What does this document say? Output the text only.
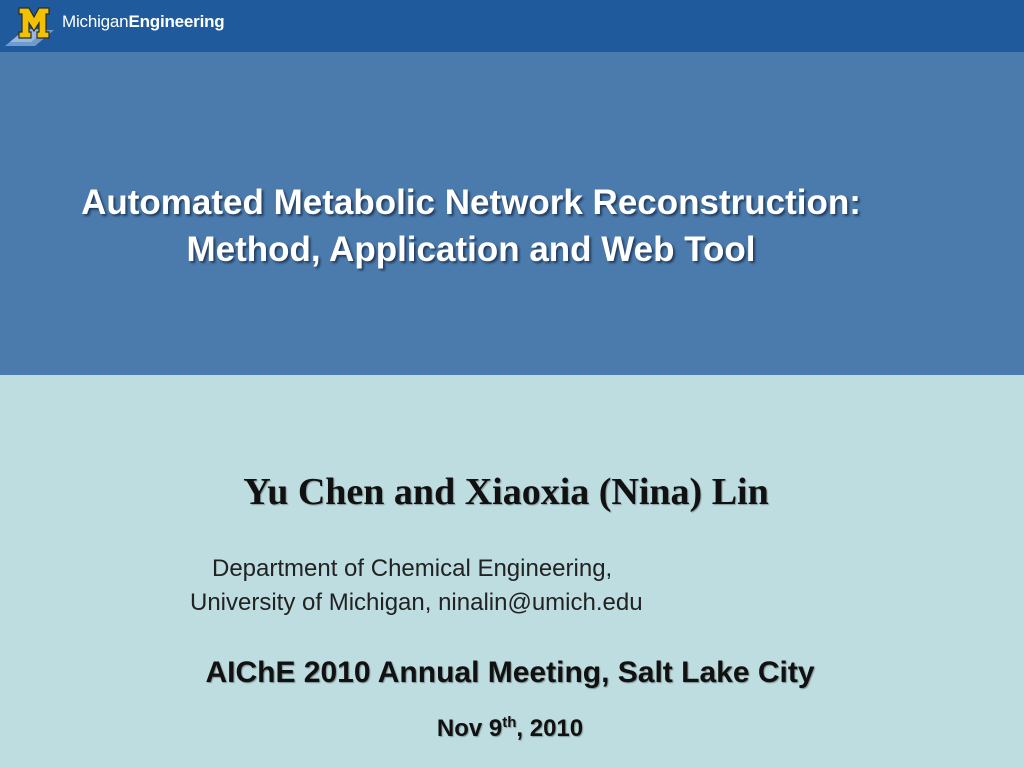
MichiganEngineering
Automated Metabolic Network Reconstruction:
Method, Application and Web Tool
Yu Chen and Xiaoxia (Nina) Lin
Department of Chemical Engineering,
University of Michigan, ninalin@umich.edu
AIChE 2010 Annual Meeting, Salt Lake City
Nov 9th, 2010
